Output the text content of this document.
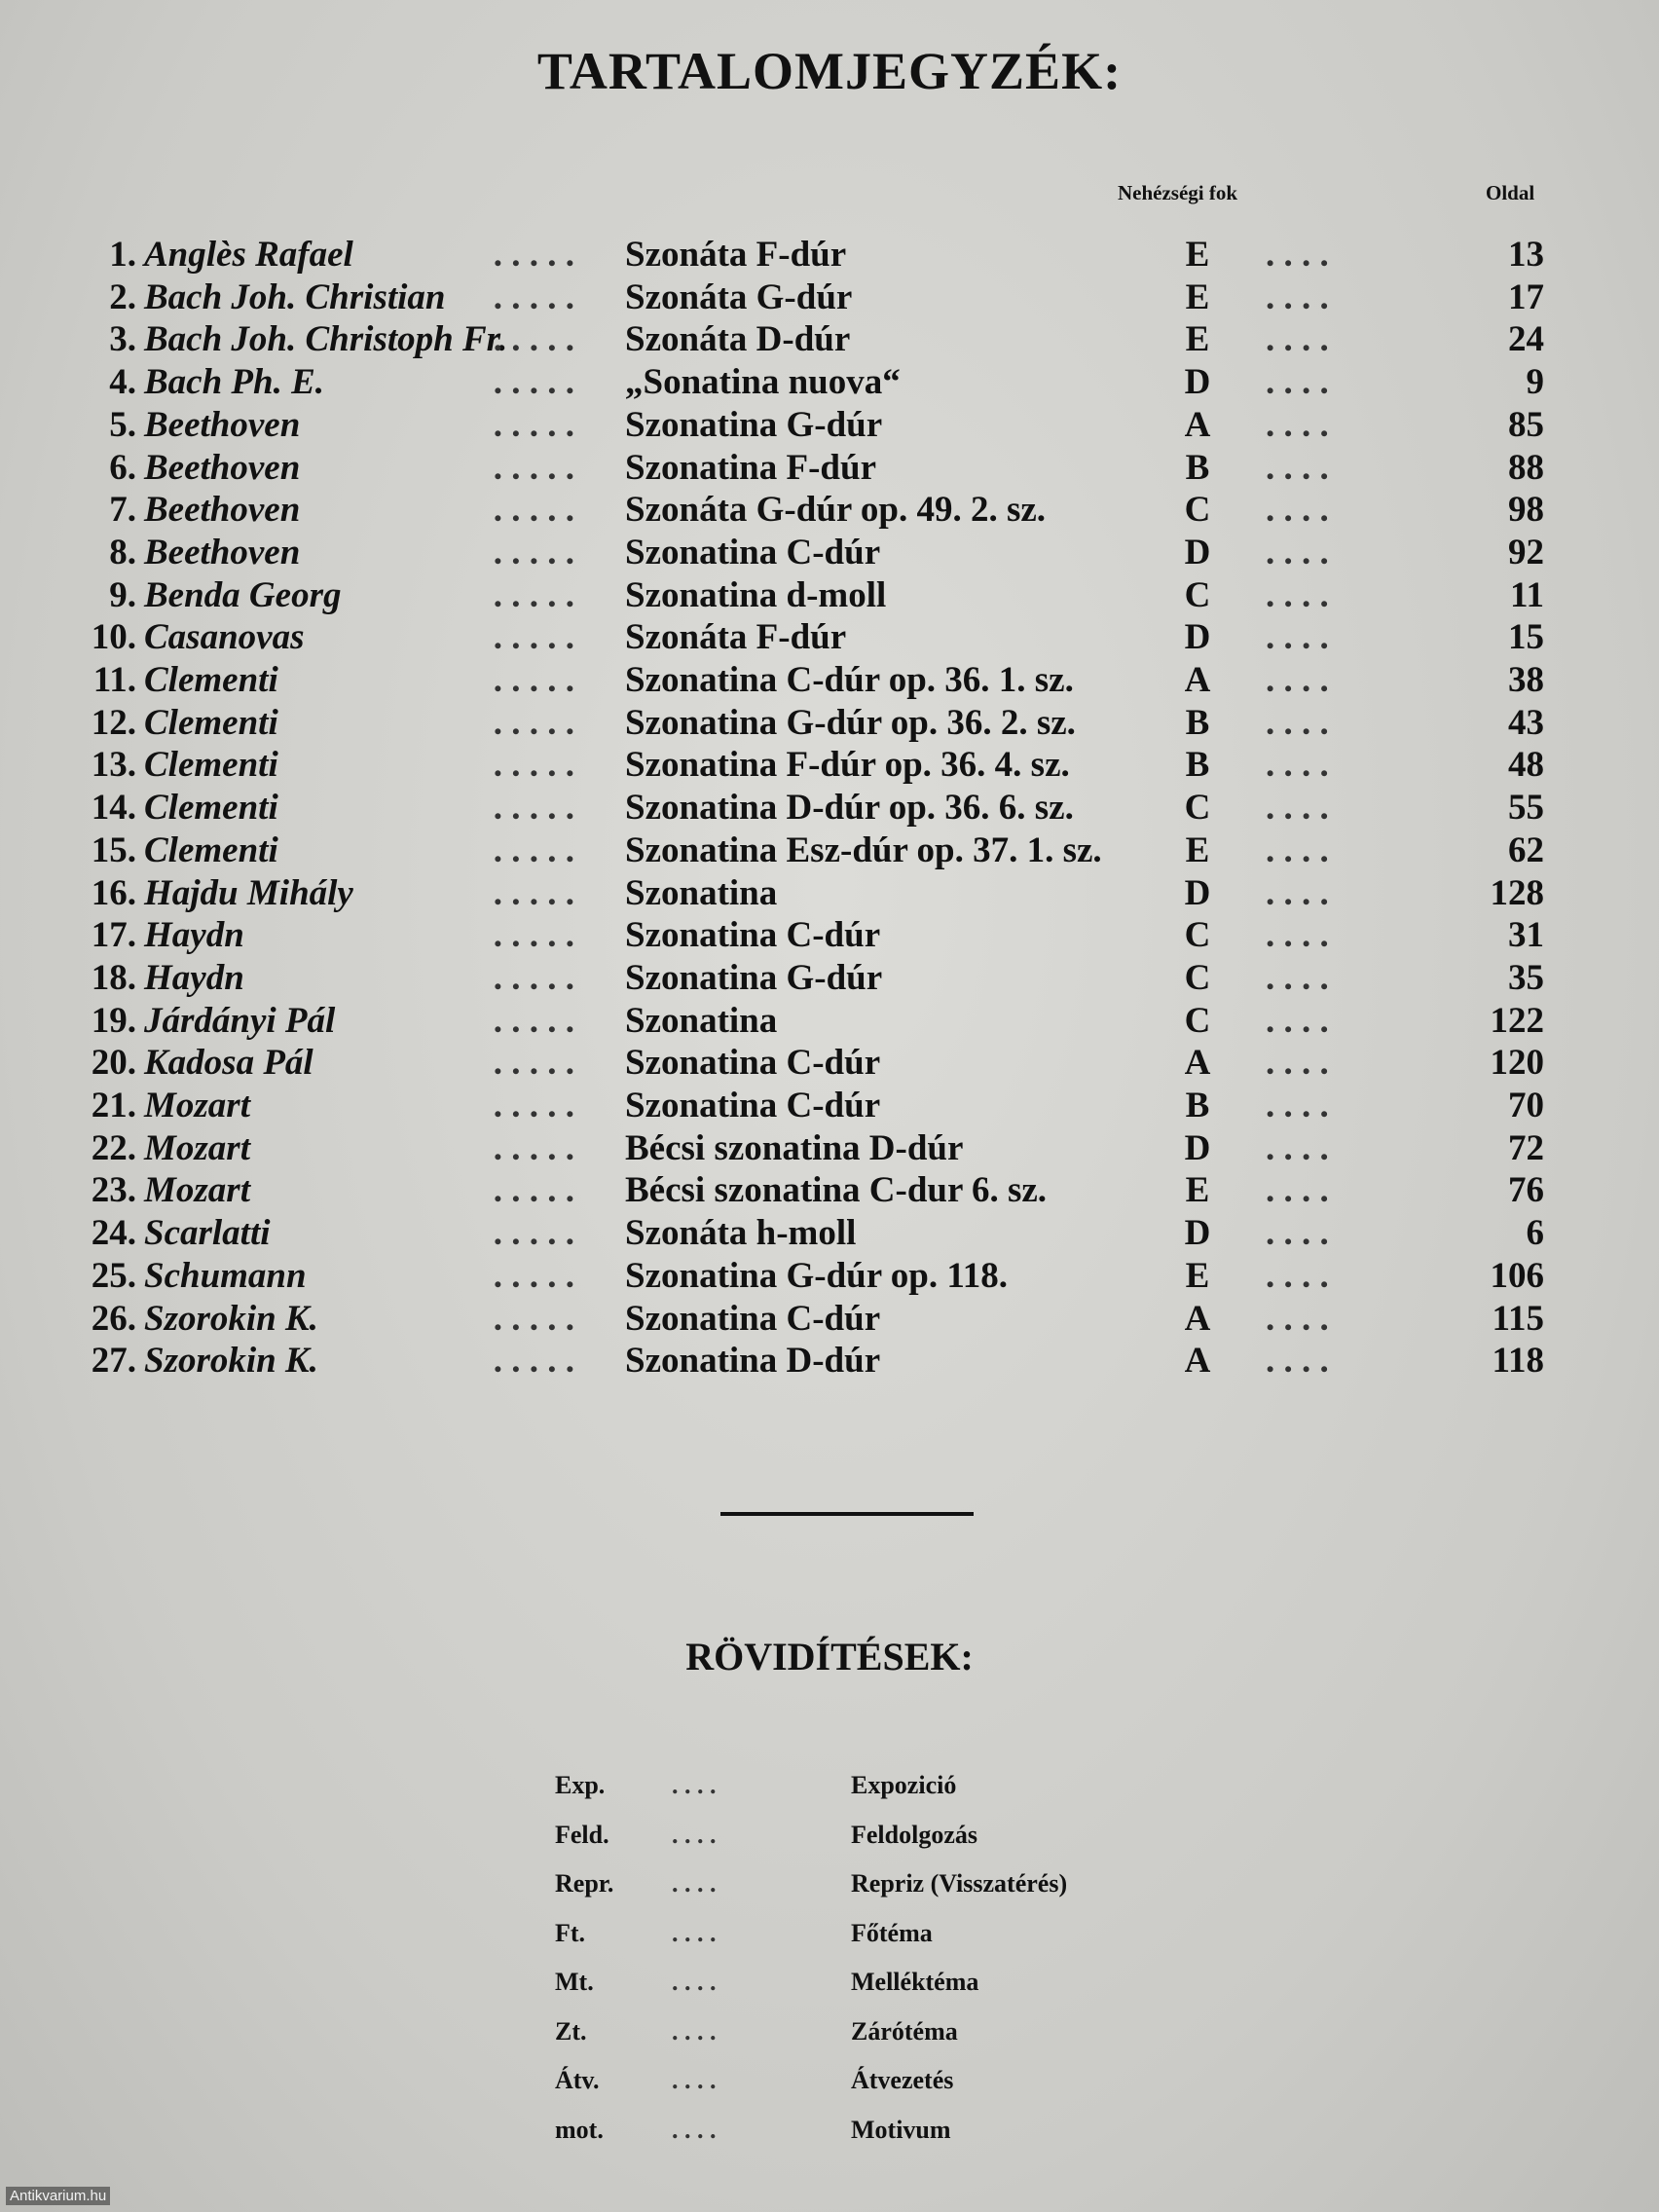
TARTALOMJEGYZÉK:
Nehézségi fok	Oldal
1. Anglès Rafael	Szonáta F-dúr	E	13
. . . . .	. . . .
2. Bach Joh. Christian	Szonáta G-dúr	E	17
. . . . .	. . . .
3. Bach Joh. Christoph Fr.	Szonáta D-dúr	E	24
. . . . .	. . . .
4. Bach Ph. E.	„Sonatina nuova“	D	9
. . . . .	. . . .
5. Beethoven	Szonatina G-dúr	A	85
. . . . .	. . . .
6. Beethoven	Szonatina F-dúr	B	88
. . . . .	. . . .
7. Beethoven	Szonáta G-dúr op. 49. 2. sz.	C	98
. . . . .	. . . .
8. Beethoven	Szonatina C-dúr	D	92
. . . . .	. . . .
9. Benda Georg	Szonatina d-moll	C	11
. . . . .	. . . .
10. Casanovas	Szonáta F-dúr	D	15
. . . . .	. . . .
11. Clementi	Szonatina C-dúr op. 36. 1. sz.	A	38
. . . . .	. . . .
12. Clementi	Szonatina G-dúr op. 36. 2. sz.	B	43
. . . . .	. . . .
13. Clementi	Szonatina F-dúr op. 36. 4. sz.	B	48
. . . . .	. . . .
14. Clementi	Szonatina D-dúr op. 36. 6. sz.	C	55
. . . . .	. . . .
15. Clementi	Szonatina Esz-dúr op. 37. 1. sz. E	62
. . . . .	. . . .
16. Hajdu Mihály	Szonatina	D	128
. . . . .	. . . .
17. Haydn	Szonatina C-dúr	C	31
. . . . .	. . . .
18. Haydn	Szonatina G-dúr	C	35
. . . . .	. . . .
19. Járdányi Pál	Szonatina	C	122
. . . . .	. . . .
20. Kadosa Pál	Szonatina C-dúr	A	120
. . . . .	. . . .
21. Mozart	Szonatina C-dúr	B	70
. . . . .	. . . .
22. Mozart	Bécsi szonatina D-dúr	D	72
. . . . .	. . . .
23. Mozart	Bécsi szonatina C-dur 6. sz.	E	76
. . . . .	. . . .
24. Scarlatti	Szonáta h-moll	D	6
. . . . .	. . . .
25. Schumann	Szonatina G-dúr op. 118.	E	106
. . . . .	. . . .
26. Szorokin K.	Szonatina C-dúr	A	115
. . . . .	. . . .
27. Szorokin K.	Szonatina D-dúr	A	118
. . . . .	. . . .
RÖVIDÍTÉSEK:
Exp.	. . . .	Expozició
Feld. . . . .	Feldolgozás
Repr. . . . .	Repriz (Visszatérés)
Ft.	. . . .	Főtéma
Mt.	. . . .	Melléktéma
Zt.	. . . .	Zárótéma
Átv.	. . . .	Átvezetés
mot.	. . . .	Motivum
Antikvarium.hu
